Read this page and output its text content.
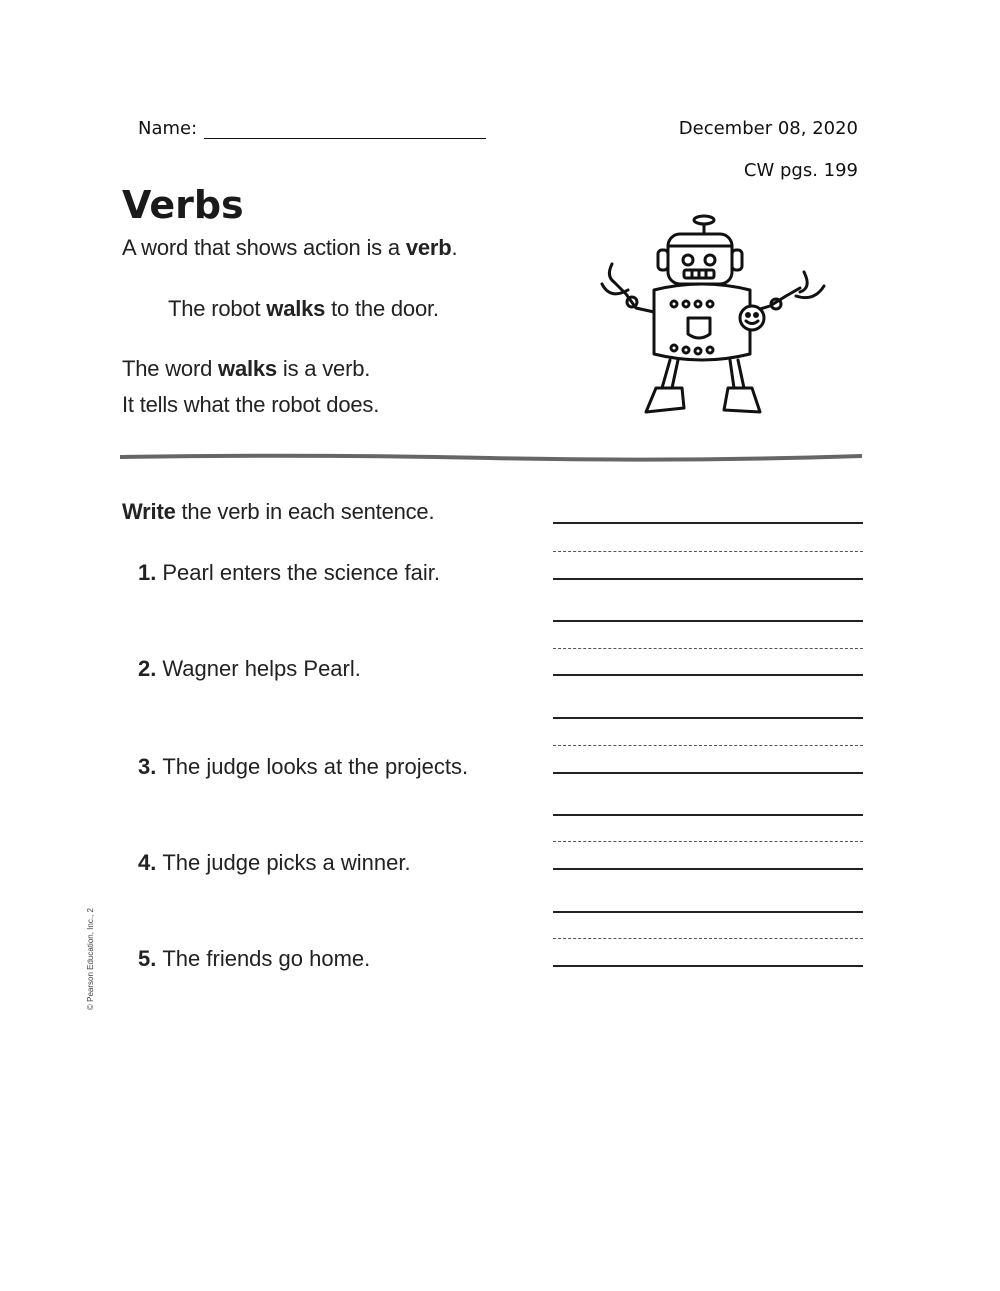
Name:	December 08, 2020
CW pgs. 199
Verbs
A word that shows action is a verb.
The robot walks to the door.
The word walks is a verb.
It tells what the robot does.
Write the verb in each sentence.
1. Pearl enters the science fair.
2. Wagner helps Pearl.
3. The judge looks at the projects.
4. The judge picks a winner.
5. The friends go home.
© Pearson Education, Inc., 2
